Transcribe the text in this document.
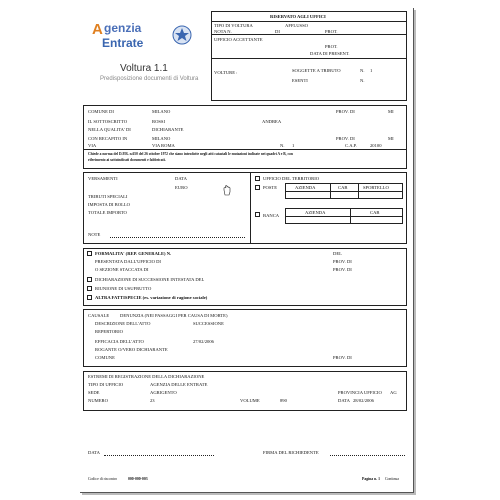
A genzia
Entrate
Voltura 1.1
Predisposizione documenti di Voltura
RISERVATO AGLI UFFICI
TIPO DI VOLTURA	AFFLUSSO
NOTA N.	DI	PROT.
UFFICIO ACCETTANTE
PROT.
DATA DI PRESENT.
VOLTURE :	SOGGETTE A TRIBUTO	N. 1
ESENTI	N.
COMUNE DI	MILANO	PROV. DI	MI
IL SOTTOSCRITTO	ROSSI	ANDREA
NELLA QUALITA' DI	DICHIARANTE
CON RECAPITO IN	MILANO	PROV. DI	MI
VIA	VIA ROMA	N. 1	C.A.P.	20100
Chiede a norma del D.P.R. n.650 del 26 ottobre 1972 che siano introdotte negli atti catastali le mutazioni indicate nei quadri A e B, con
riferimento ai sottoindicati documenti e fabbricati.
VERSAMENTI	DATA
EURO
TRIBUTI SPECIALI
IMPOSTA DI BOLLO
TOTALE IMPORTO
NOTE
UFFICIO DEL TERRITORIO
POSTE	AZIENDA	CAB	SPORTELLO
BANCA
AZIENDA	CAB
FORMALITA' (REP. GENERALE) N.	DEL
PRESENTATA DALL'UFFICIO DI	PROV. DI
O SEZIONE STACCATA DI	PROV. DI
DICHIARAZIONE DI SUCCESSIONE INTESTATA DEL
RIUNIONE DI USUFRUTTO
ALTRA FATTISPECIE (es. variazione di ragione sociale)
CAUSALE DENUNZIA (NEI PASSAGGI PER CAUSA DI MORTE)
DESCRIZIONE DELL'ATTO	SUCCESSIONE
REPERTORIO
EFFICACIA DELL'ATTO	27/02/2006
ROGANTE O/VERO DICHIARANTE
COMUNE	PROV. DI
ESTREMI DI REGISTRAZIONE DELLA DICHIARAZIONE
TIPO DI UFFICIO	AGENZIA DELLE ENTRATE
SEDE	AGRIGENTO	PROVINCIA UFFICIO AG
NUMERO	23	VOLUME	890	DATA 28/02/2006
DATA	FIRMA DEL RICHIEDENTE
Codice di riscontro	000-000-003	Pagina n. 1 Continua
